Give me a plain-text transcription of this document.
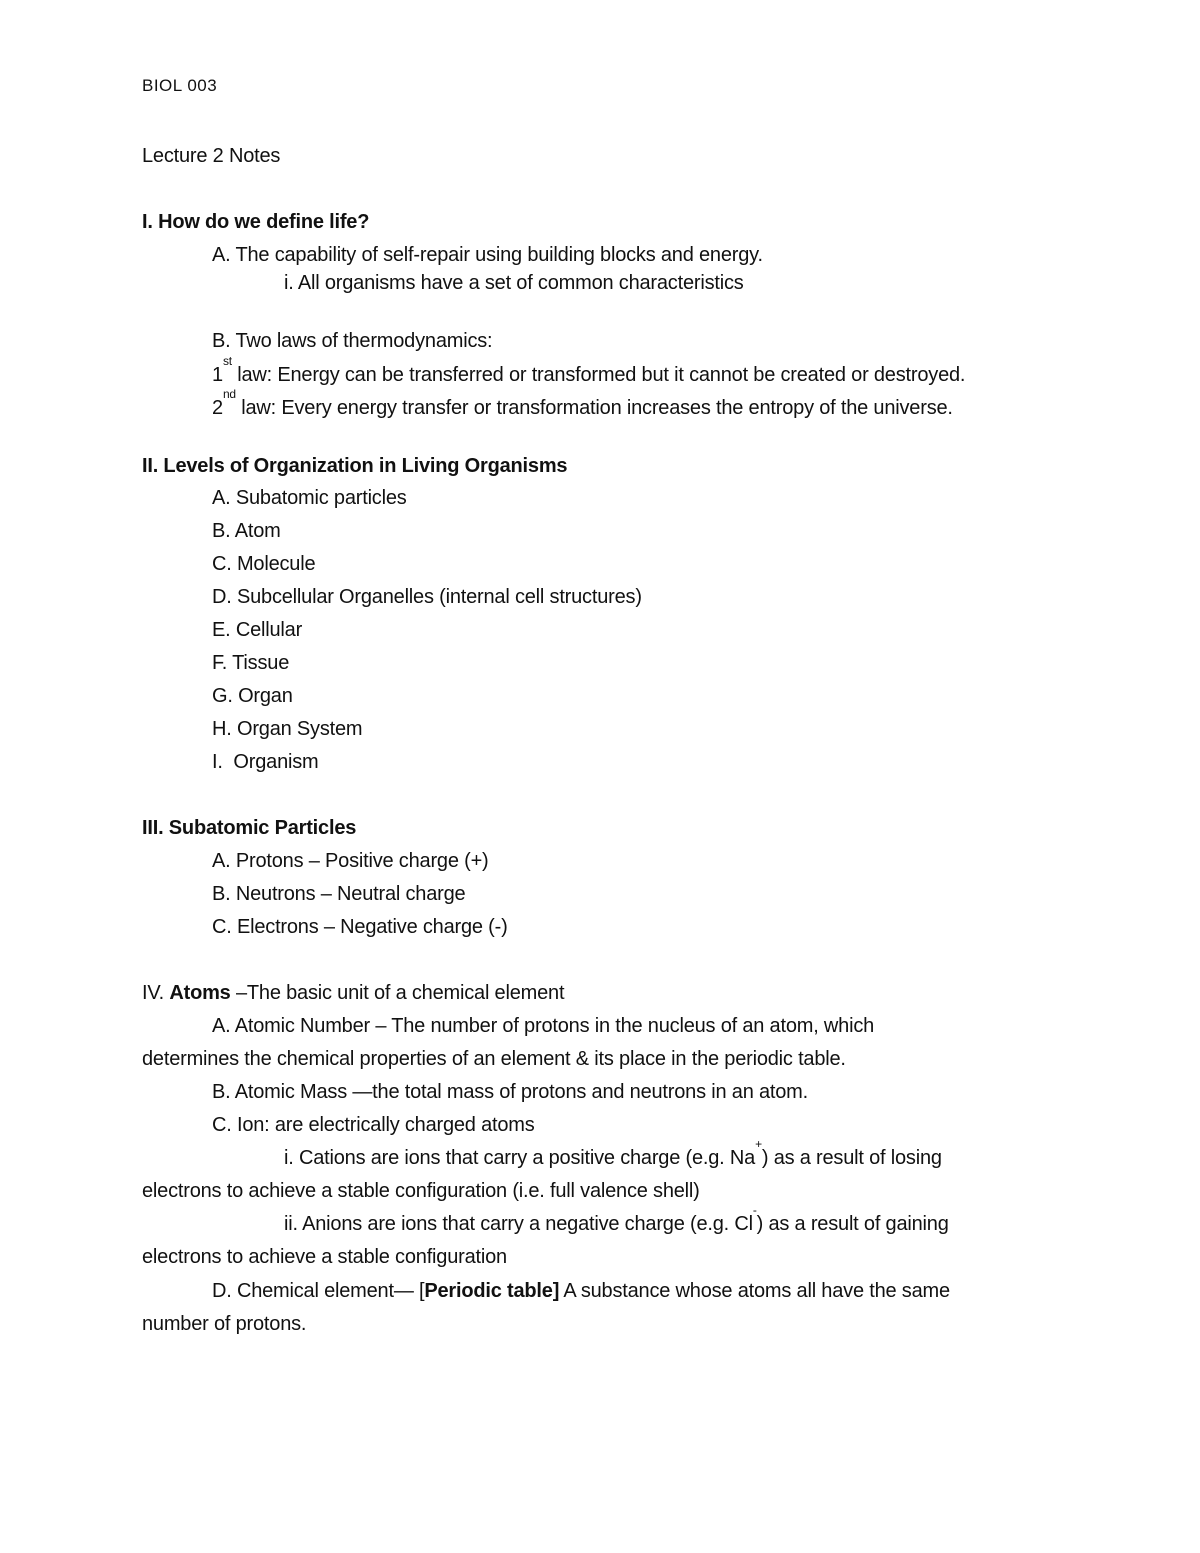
BIOL 003
Lecture 2 Notes
I. How do we define life?
A. The capability of self-repair using building blocks and energy.
i. All organisms have a set of common characteristics
B. Two laws of thermodynamics:
1st law: Energy can be transferred or transformed but it cannot be created or destroyed.
2nd law: Every energy transfer or transformation increases the entropy of the universe.
II. Levels of Organization in Living Organisms
A. Subatomic particles
B. Atom
C. Molecule
D. Subcellular Organelles (internal cell structures)
E. Cellular
F. Tissue
G. Organ
H. Organ System
I.  Organism
III. Subatomic Particles
A. Protons – Positive charge (+)
B. Neutrons – Neutral charge
C. Electrons – Negative charge (-)
IV. Atoms –The basic unit of a chemical element
A. Atomic Number – The number of protons in the nucleus of an atom, which
determines the chemical properties of an element & its place in the periodic table.
B. Atomic Mass —the total mass of protons and neutrons in an atom.
C. Ion: are electrically charged atoms
i. Cations are ions that carry a positive charge (e.g. Na+) as a result of losing
electrons to achieve a stable configuration (i.e. full valence shell)
ii. Anions are ions that carry a negative charge (e.g. Cl-) as a result of gaining
electrons to achieve a stable configuration
D. Chemical element— [Periodic table] A substance whose atoms all have the same
number of protons.
